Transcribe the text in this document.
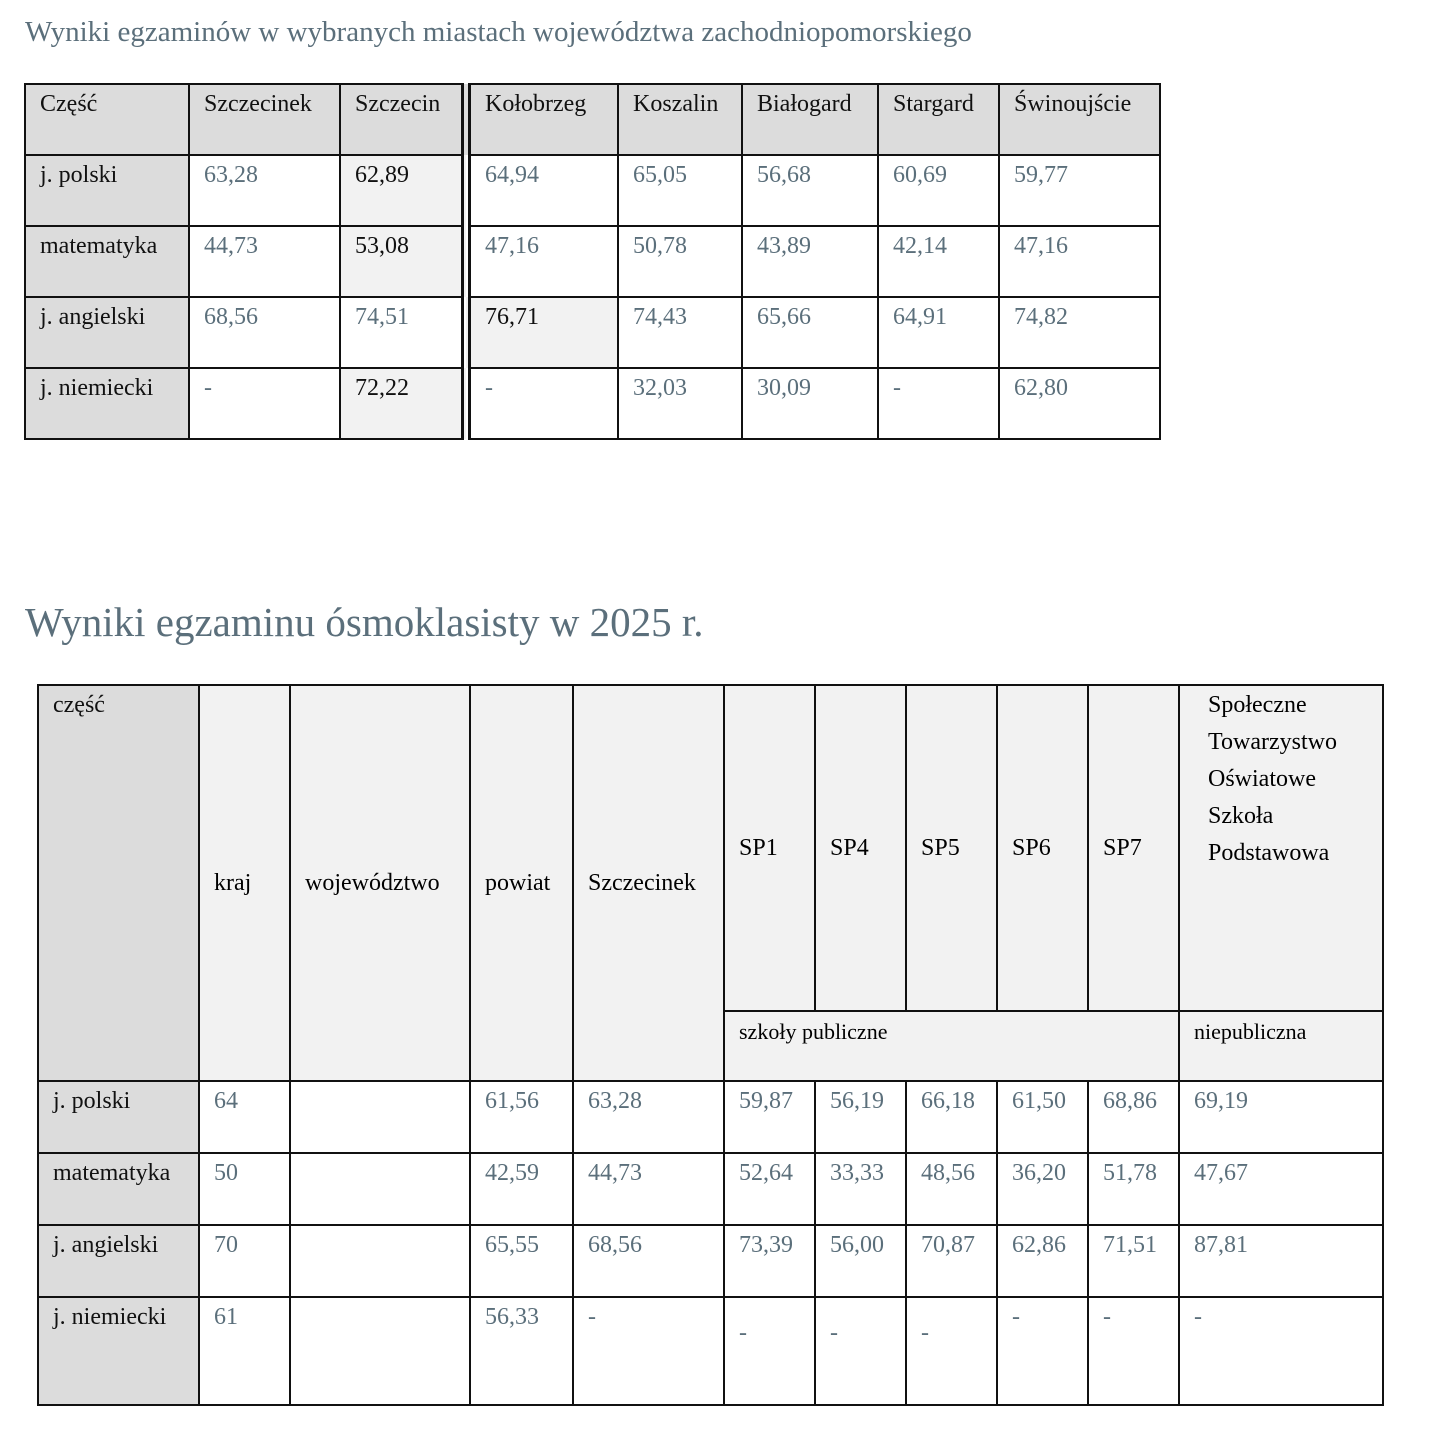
Wyniki egzaminów w wybranych miastach województwa zachodniopomorskiego
Część	Szczecinek	Szczecin	Kołobrzeg	Koszalin	Białogard	Stargard	Świnoujście
j. polski	63,28	62,89	64,94	65,05	56,68	60,69	59,77
matematyka	44,73	53,08	47,16	50,78	43,89	42,14	47,16
j. angielski	68,56	74,51	76,71	74,43	65,66	64,91	74,82
j. niemiecki	-	72,22	-	32,03	30,09	-	62,80
Wyniki egzaminu ósmoklasisty w 2025 r.
część	kraj	województwo	powiat	Szczecinek	SP1	SP4	SP5	SP6	SP7	Społeczne Towarzystwo Oświatowe Szkoła Podstawowa
					szkoły publiczne					niepubliczna
j. polski	64		61,56	63,28	59,87	56,19	66,18	61,50	68,86	69,19
matematyka	50		42,59	44,73	52,64	33,33	48,56	36,20	51,78	47,67
j. angielski	70		65,55	68,56	73,39	56,00	70,87	62,86	71,51	87,81
j. niemiecki	61		56,33	-	-	-	-	-	-	-
